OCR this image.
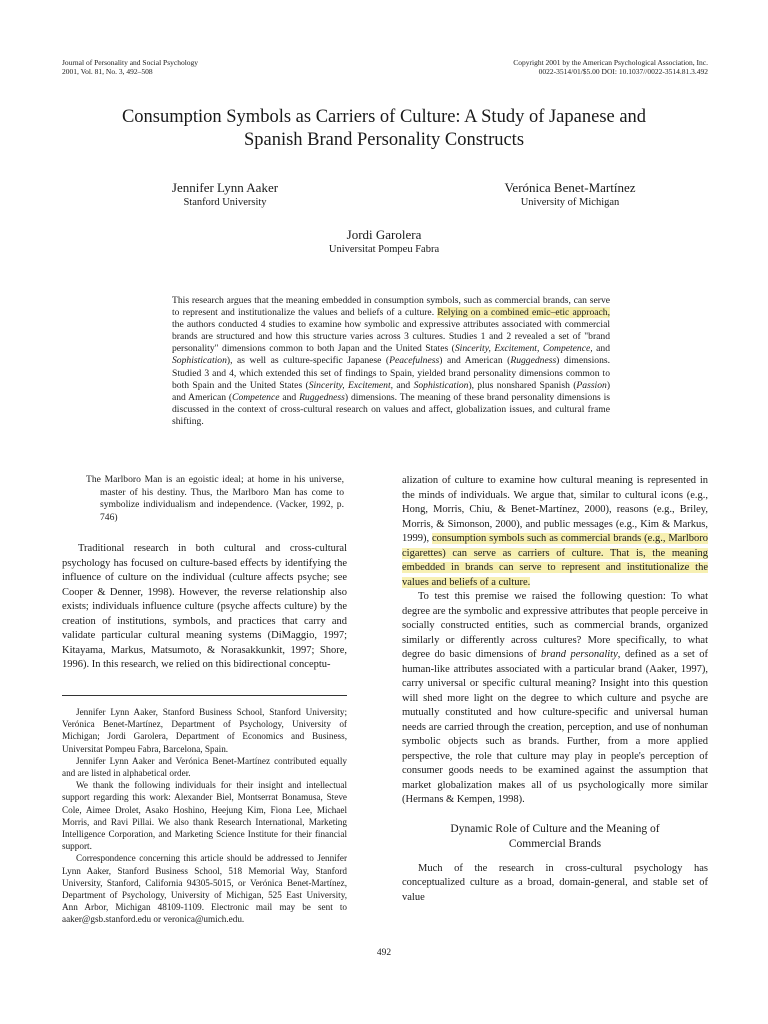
Journal of Personality and Social Psychology
2001, Vol. 81, No. 3, 492–508
Copyright 2001 by the American Psychological Association, Inc.
0022-3514/01/$5.00 DOI: 10.1037//0022-3514.81.3.492
Consumption Symbols as Carriers of Culture: A Study of Japanese and
Spanish Brand Personality Constructs
Jennifer Lynn Aaker
Stanford University
Verónica Benet-Martínez
University of Michigan
Jordi Garolera
Universitat Pompeu Fabra
This research argues that the meaning embedded in consumption symbols, such as commercial brands, can serve to represent and institutionalize the values and beliefs of a culture. Relying on a combined emic–etic approach, the authors conducted 4 studies to examine how symbolic and expressive attributes associated with commercial brands are structured and how this structure varies across 3 cultures. Studies 1 and 2 revealed a set of "brand personality" dimensions common to both Japan and the United States (Sincerity, Excitement, Competence, and Sophistication), as well as culture-specific Japanese (Peacefulness) and American (Ruggedness) dimensions. Studied 3 and 4, which extended this set of findings to Spain, yielded brand personality dimensions common to both Spain and the United States (Sincerity, Excitement, and Sophistication), plus nonshared Spanish (Passion) and American (Competence and Ruggedness) dimensions. The meaning of these brand personality dimensions is discussed in the context of cross-cultural research on values and affect, globalization issues, and cultural frame shifting.

The Marlboro Man is an egoistic ideal; at home in his universe, master of his destiny. Thus, the Marlboro Man has come to symbolize individualism and independence. (Vacker, 1992, p. 746)

Traditional research in both cultural and cross-cultural psychology has focused on culture-based effects by identifying the influence of culture on the individual (culture affects psyche; see Cooper & Denner, 1998). However, the reverse relationship also exists; individuals influence culture (psyche affects culture) by the creation of institutions, symbols, and practices that carry and validate particular cultural meaning systems (DiMaggio, 1997; Kitayama, Markus, Matsumoto, & Norasakkunkit, 1997; Shore, 1996). In this research, we relied on this bidirectional conceptu-

Jennifer Lynn Aaker, Stanford Business School, Stanford University; Verónica Benet-Martínez, Department of Psychology, University of Michigan; Jordi Garolera, Department of Economics and Business, Universitat Pompeu Fabra, Barcelona, Spain.

Jennifer Lynn Aaker and Verónica Benet-Martínez contributed equally and are listed in alphabetical order.

We thank the following individuals for their insight and intellectual support regarding this work: Alexander Biel, Montserrat Bonamusa, Steve Cole, Aimee Drolet, Asako Hoshino, Heejung Kim, Fiona Lee, Michael Morris, and Ravi Pillai. We also thank Research International, Marketing Intelligence Corporation, and Marketing Science Institute for their financial support.

Correspondence concerning this article should be addressed to Jennifer Lynn Aaker, Stanford Business School, 518 Memorial Way, Stanford University, Stanford, California 94305-5015, or Verónica Benet-Martínez, Department of Psychology, University of Michigan, 525 East University, Ann Arbor, Michigan 48109-1109. Electronic mail may be sent to aaker@gsb.stanford.edu or veronica@umich.edu.

alization of culture to examine how cultural meaning is represented in the minds of individuals. We argue that, similar to cultural icons (e.g., Hong, Morris, Chiu, & Benet-Martínez, 2000), reasons (e.g., Briley, Morris, & Simonson, 2000), and public messages (e.g., Kim & Markus, 1999), consumption symbols such as commercial brands (e.g., Marlboro cigarettes) can serve as carriers of culture. That is, the meaning embedded in brands can serve to represent and institutionalize the values and beliefs of a culture.

To test this premise we raised the following question: To what degree are the symbolic and expressive attributes that people perceive in socially constructed entities, such as commercial brands, organized similarly or differently across cultures? More specifically, to what degree do basic dimensions of brand personality, defined as a set of human-like attributes associated with a particular brand (Aaker, 1997), carry universal or specific cultural meaning? Insight into this question will shed more light on the degree to which culture and psyche are mutually constituted and how culture-specific and universal human needs are carried through the creation, perception, and use of nonhuman symbolic objects such as brands. Further, from a more applied perspective, the role that culture may play in people's perception of consumer goods needs to be examined against the assumption that market globalization makes all of us psychologically more similar (Hermans & Kempen, 1998).

Dynamic Role of Culture and the Meaning of
Commercial Brands

Much of the research in cross-cultural psychology has conceptualized culture as a broad, domain-general, and stable set of value

492
